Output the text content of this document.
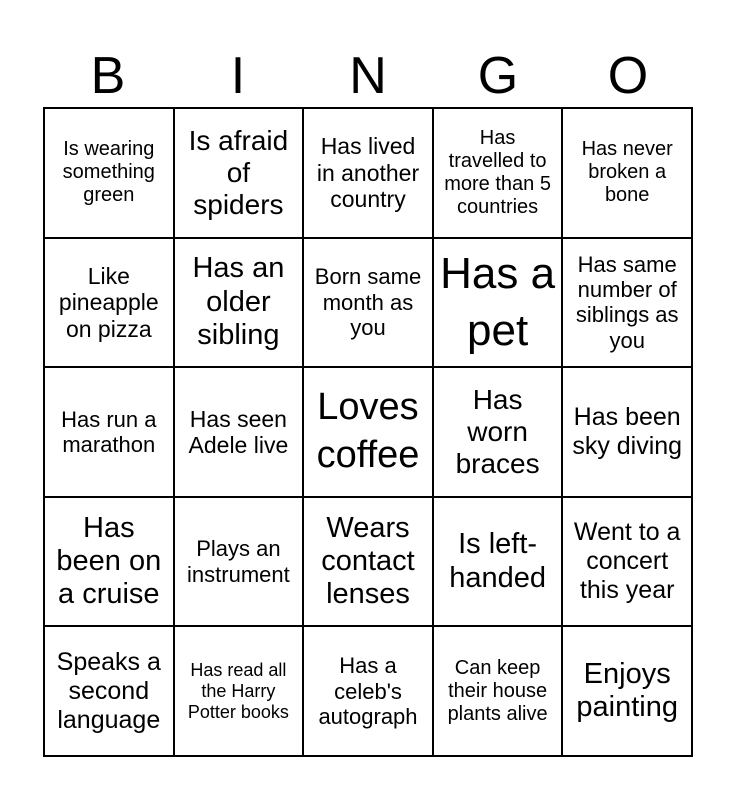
B	I	N	G	O
Is wearing something green
Is afraid of spiders
Has lived in another country
Has travelled to more than 5 countries
Has never broken a bone
Like pineapple on pizza
Has an older sibling
Born same month as you
Has a pet
Has same number of siblings as you
Has run a marathon
Has seen Adele live
Loves coffee
Has worn braces
Has been sky diving
Has been on a cruise
Plays an instrument
Wears contact lenses
Is left-handed
Went to a concert this year
Speaks a second language
Has read all the Harry Potter books
Has a celeb's autograph
Can keep their house plants alive
Enjoys painting
